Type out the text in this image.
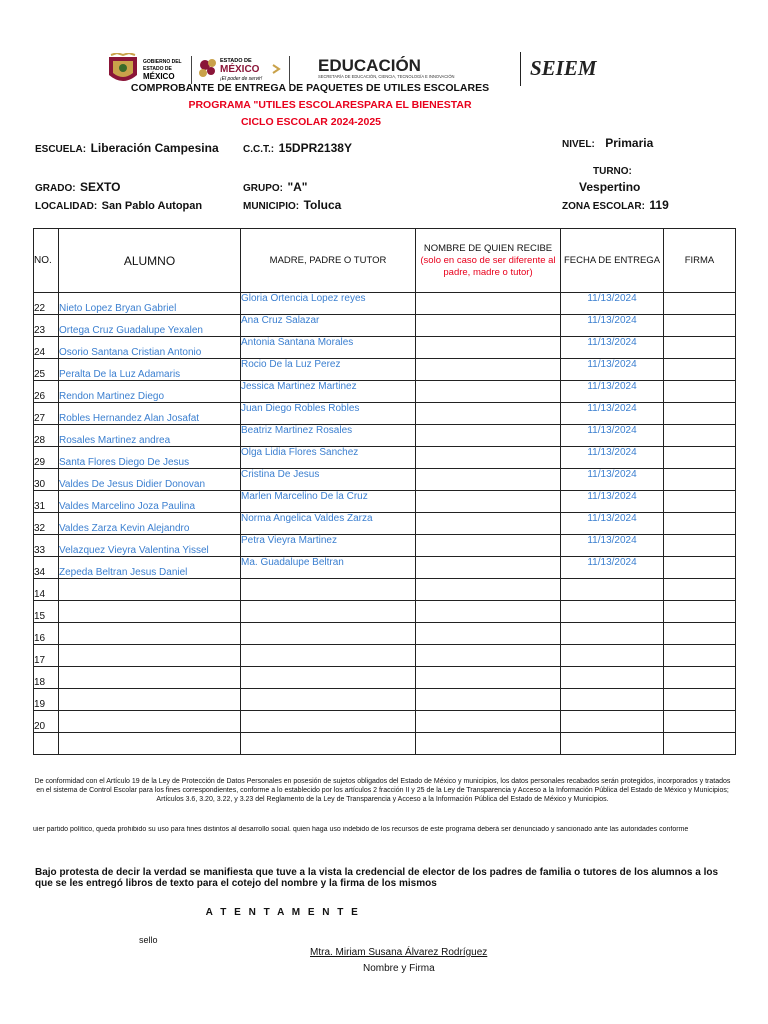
GOBIERNO DEL
ESTADO DE
MÉXICO
ESTADO DE
MÉXICO
¡El poder de servir!
EDUCACIÓN
SECRETARÍA DE EDUCACIÓN, CIENCIA, TECNOLOGÍA E INNOVACIÓN	SEIEM
COMPROBANTE DE ENTREGA DE PAQUETES DE UTILES ESCOLARES
PROGRAMA "UTILES ESCOLARESPARA EL BIENESTAR
CICLO ESCOLAR 2024-2025
ESCUELA: Liberación Campesina C.C.T.: 15DPR2138Y	NIVEL: Primaria
TURNO:
Vespertino
GRADO: SEXTO	GRUPO: "A"
LOCALIDAD: San Pablo Autopan	MUNICIPIO: Toluca	ZONA ESCOLAR: 119
NO.	ALUMNO	MADRE, PADRE O TUTOR	NOMBRE DE QUIEN RECIBE
(solo en caso de ser diferente al padre, madre o tutor)	FECHA DE ENTREGA	FIRMA
22	Nieto Lopez Bryan Gabriel	Gloria Ortencia Lopez reyes		11/13/2024	
23	Ortega Cruz Guadalupe Yexalen	Ana Cruz Salazar		11/13/2024	
24	Osorio Santana Cristian Antonio	Antonia Santana Morales		11/13/2024	
25	Peralta De la Luz Adamaris	Rocio De la Luz Perez		11/13/2024	
26	Rendon Martinez Diego	Jessica Martinez Martinez		11/13/2024	
27	Robles Hernandez Alan Josafat	Juan Diego Robles Robles		11/13/2024	
28	Rosales Martinez andrea	Beatriz Martinez Rosales		11/13/2024	
29	Santa Flores Diego De Jesus	Olga Lidia Flores Sanchez		11/13/2024	
30	Valdes De Jesus Didier Donovan	Cristina De Jesus		11/13/2024	
31	Valdes Marcelino Joza Paulina	Marlen Marcelino De la Cruz		11/13/2024	
32	Valdes Zarza Kevin Alejandro	Norma Angelica Valdes Zarza		11/13/2024	
33	Velazquez Vieyra Valentina Yissel	Petra Vieyra Martinez		11/13/2024	
34	Zepeda Beltran Jesus Daniel	Ma. Guadalupe Beltran		11/13/2024	
14					
15					
16					
17					
18					
19					
20					

De conformidad con el Artículo 19 de la Ley de Protección de Datos Personales en posesión de sujetos obligados del Estado de México y municipios, los datos personales recabados serán protegidos, incorporados y tratados en el sistema de Control Escolar para los fines correspondientes, conforme a lo establecido por los artículos 2 fracción II y 25 de la Ley de Transparencia y Acceso a la Información Pública del Estado de México y Municipios; Artículos 3.6, 3.20, 3.22, y 3.23 del Reglamento de la Ley de Transparencia y Acceso a la Información Pública del Estado de México y Municipios.
uier partido político, queda prohibido su uso para fines distintos al desarrollo social. quien haga uso indebido de los recursos de este programa deberá ser denunciado y sancionado ante las autoridades conforme
Bajo protesta de decir la verdad se manifiesta que tuve a la vista la credencial de elector de los padres de familia o tutores de los alumnos a los que se les entregó libros de texto para el cotejo del nombre y la firma de los mismos
A T E N T A M E N T E
sello
Mtra. Miriam Susana Álvarez Rodríguez
Nombre y Firma
